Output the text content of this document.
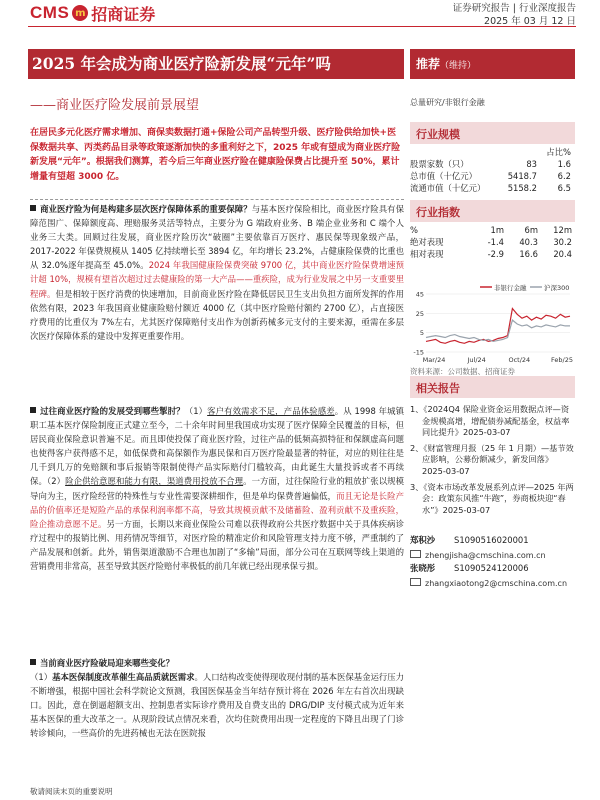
CMS m 招商证券	证券研究报告 | 行业深度报告
2025 年 03 月 12 日
2025 年会成为商业医疗险新发展“元年”吗
——商业医疗险发展前景展望
推荐（维持）
总量研究/非银行金融
在居民多元化医疗需求增加、商保卖数据打通+保险公司产品转型升级、医疗险供给加快+医保数据共享、丙类药品目录等政策逐渐加快的多重利好之下，2025 年或有望成为商业医疗险新发展“元年”。根据我们测算，若今后三年商业医疗险在健康险保费占比提升至 50%，累计增量有望超 3000 亿。
商业医疗险为何是构建多层次医疗保障体系的重要保障？与基本医疗保险相比，商业医疗险具有保障范围广、保障额度高、理赔服务灵活等特点，主要分为 G 端政府业务、B 端企业业务和 C 端个人业务三大类。回顾过往发展，商业医疗险历次“破圈”主要依靠百万医疗、惠民保等现象级产品，2017-2022 年保费规模从 1405 亿持续增长至 3894 亿，年均增长 23.2%，占健康险保费的比重也从 32.0%逐年提高至 45.0%。2024 年我国健康险保费突破 9700 亿，其中商业医疗险保费增速预计超 10%，规模有望首次超过过去健康险的第一大产品——重疾险，成为行业发展之中另一支重要里程碑。但是相较于医疗消费的快速增加，目前商业医疗险在降低居民卫生支出负担方面所发挥的作用依然有限，2023 年我国商业健康险赔付额近 4000 亿（其中医疗险赔付额约 2700 亿），占直接医疗费用的比重仅为 7%左右，尤其医疗保障赔付支出作为创新药械多元支付的主要来源，亟需在多层次医疗保障体系的建设中发挥更重要作用。
过往商业医疗险的发展受到哪些掣肘？（1）客户有效需求不足，产品体验感差。从 1998 年城镇职工基本医疗保险制度正式建立至今，二十余年时间里我国成功实现了医疗保障全民覆盖的目标，但居民商业保险意识普遍不足。而且即使投保了商业医疗险，过往产品的低频高损特征和保额虚高问题也使得客户获得感不足，如低保费和高保额作为惠民保和百万医疗险最显著的特征，对应的则往往是几千到几万的免赔额和事后报销等限制使得产品实际赔付门槛较高，由此诞生大量投诉或者不再续保。（2）险企供给意愿和能力有限，渠道费用投放不合理。一方面，过往保险行业的粗放扩张以规模导向为主，医疗险经营的特殊性与专业性需要深耕细作，但是单均保费普遍偏低，而且无论是长险产品的价值率还是短险产品的承保利润率都不高，导致其规模贡献不及储蓄险、盈利贡献不及重疾险，险企推动意愿不足。另一方面，长期以来商业保险公司难以获得政府公共医疗数据中关于具体疾病诊疗过程中的报销比例、用药情况等细节，对医疗险的精准定价和风险管理支持力度不够，严重制约了产品发展和创新。此外，销售渠道激励不合理也加剧了“多输”局面，部分公司在互联网等线上渠道的营销费用非常高，甚至导致其医疗险赔付率极低的前几年就已经出现承保亏损。
当前商业医疗险破局迎来哪些变化？
（1）基本医保制度改革催生高品质就医需求。人口结构改变使得现收现付制的基本医保基金运行压力不断增强，根据中国社会科学院论文预测，我国医保基金当年结存预计将在 2026 年左右首次出现缺口。因此，意在倒逼超额支出、控制患者实际诊疗费用及自费支出的 DRG/DIP 支付模式成为近年来基本医保的重大改革之一。从现阶段试点情况来看，次均住院费用出现一定程度的下降且出现了门诊转诊倾向，一些高价的先进药械也无法在医院报
行业规模
占比%
股票家数（只）	83	1.6
总市值（十亿元）	5418.7	6.2
流通市值（十亿元）	5158.2	6.5
行业指数
%	1m	6m	12m
绝对表现	-1.4	40.3	30.2
相对表现	-2.9	16.6	20.4
非银行金融	沪深300
45
25
5
-15
Mar/24	Jul/24	Oct/24	Feb/25
资料来源：公司数据、招商证券
相关报告
1、《2024Q4 保险业资金运用数据点评—资金规模高增，增配债券减配基金，权益率同比提升》2025-03-07
2、《财富管理月报（25 年 1 月期）—基节效应影响，公募份额减少，新发回落》2025-03-07
3、《资本市场改革发展系列点评—2025 年两会：政策东风推“牛跑”，券商板块迎“春水”》2025-03-07
郑积沙 S1090516020001
zhengjisha@cmschina.com.cn
张晓彤 S1090524120006
zhangxiaotong2@cmschina.com.cn
敬请阅读末页的重要说明
